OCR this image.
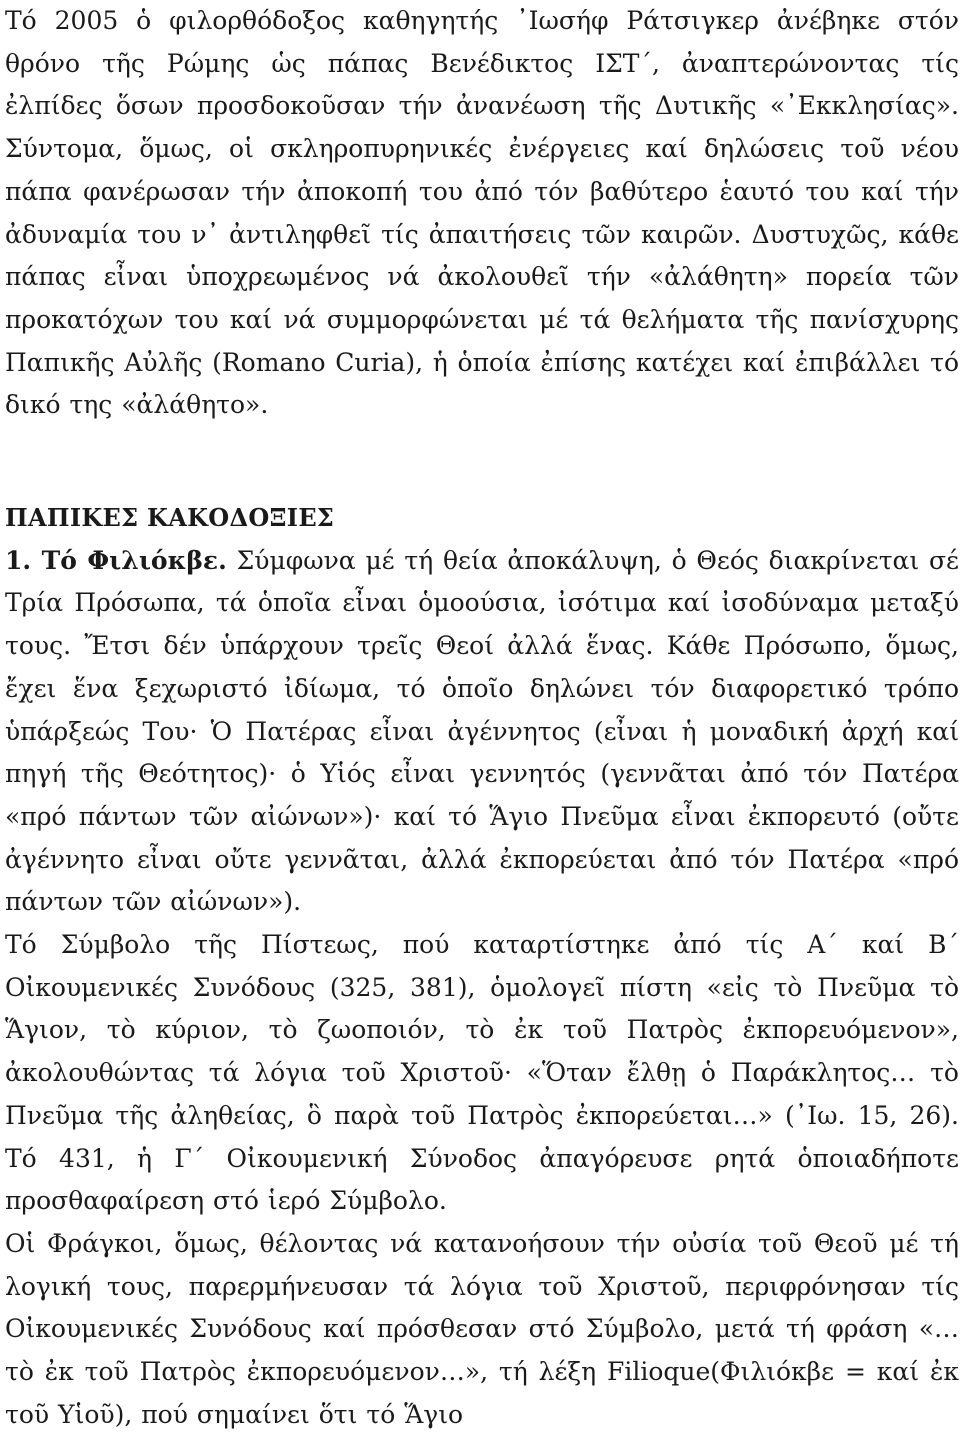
Τό 2005 ὁ φιλορθόδοξος καθηγητής ᾿Ιωσήφ Ράτσιγκερ ἀνέβηκε στόν θρόνο τῆς Ρώμης ὡς πάπας Βενέδικτος ΙΣΤ΄, ἀναπτερώνοντας τίς ἐλπίδες ὅσων προσδοκοῦσαν τήν ἀνανέωση τῆς Δυτικῆς «᾿Εκκλησίας». Σύντομα, ὅμως, οἱ σκληροπυρηνικές ἐνέργειες καί δηλώσεις τοῦ νέου πάπα φανέρωσαν τήν ἀποκοπή του ἀπό τόν βαθύτερο ἑαυτό του καί τήν ἀδυναμία του ν᾿ ἀντιληφθεῖ τίς ἀπαιτήσεις τῶν καιρῶν. Δυστυχῶς, κάθε πάπας εἶναι ὑποχρεωμένος νά ἀκολουθεῖ τήν «ἀλάθητη» πορεία τῶν προκατόχων του καί νά συμμορφώνεται μέ τά θελήματα τῆς πανίσχυρης Παπικῆς Αὐλῆς (Romano Curia), ἡ ὁποία ἐπίσης κατέχει καί ἐπιβάλλει τό δικό της «ἀλάθητο».

ΠΑΠΙΚΕΣ ΚΑΚΟΔΟΞΙΕΣ

1. Τό Φιλιόκβε. Σύμφωνα μέ τή θεία ἀποκάλυψη, ὁ Θεός διακρίνεται σέ Τρία Πρόσωπα, τά ὁποῖα εἶναι ὁμοούσια, ἰσότιμα καί ἰσοδύναμα μεταξύ τους. Ἔτσι δέν ὑπάρχουν τρεῖς Θεοί ἀλλά ἕνας. Κάθε Πρόσωπο, ὅμως, ἔχει ἕνα ξεχωριστό ἰδίωμα, τό ὁποῖο δηλώνει τόν διαφορετικό τρόπο ὑπάρξεώς Του· Ὁ Πατέρας εἶναι ἀγέννητος (εἶναι ἡ μοναδική ἀρχή καί πηγή τῆς Θεότητος)· ὁ Υἱός εἶναι γεννητός (γεννᾶται ἀπό τόν Πατέρα «πρό πάντων τῶν αἰώνων»)· καί τό Ἅγιο Πνεῦμα εἶναι ἐκπορευτό (οὔτε ἀγέννητο εἶναι οὔτε γεννᾶται, ἀλλά ἐκπορεύεται ἀπό τόν Πατέρα «πρό πάντων τῶν αἰώνων»).

Τό Σύμβολο τῆς Πίστεως, πού καταρτίστηκε ἀπό τίς Α΄ καί Β΄ Οἰκουμενικές Συνόδους (325, 381), ὁμολογεῖ πίστη «εἰς τὸ Πνεῦμα τὸ Ἅγιον, τὸ κύριον, τὸ ζωοποιόν, τὸ ἐκ τοῦ Πατρὸς ἐκπορευόμενον», ἀκολουθώντας τά λόγια τοῦ Χριστοῦ· «Ὅταν ἔλθῃ ὁ Παράκλητος… τὸ Πνεῦμα τῆς ἀληθείας, ὃ παρὰ τοῦ Πατρὸς ἐκπορεύεται…» (᾿Ιω. 15, 26). Τό 431, ἡ Γ΄ Οἰκουμενική Σύνοδος ἀπαγόρευσε ρητά ὁποιαδήποτε προσθαφαίρεση στό ἱερό Σύμβολο.

Οἱ Φράγκοι, ὅμως, θέλοντας νά κατανοήσουν τήν οὐσία τοῦ Θεοῦ μέ τή λογική τους, παρερμήνευσαν τά λόγια τοῦ Χριστοῦ, περιφρόνησαν τίς Οἰκουμενικές Συνόδους καί πρόσθεσαν στό Σύμβολο, μετά τή φράση «…τὸ ἐκ τοῦ Πατρὸς ἐκπορευόμενον…», τή λέξη Filioque(Φιλιόκβε = καί ἐκ τοῦ Υἱοῦ), πού σημαίνει ὅτι τό Ἅγιο
